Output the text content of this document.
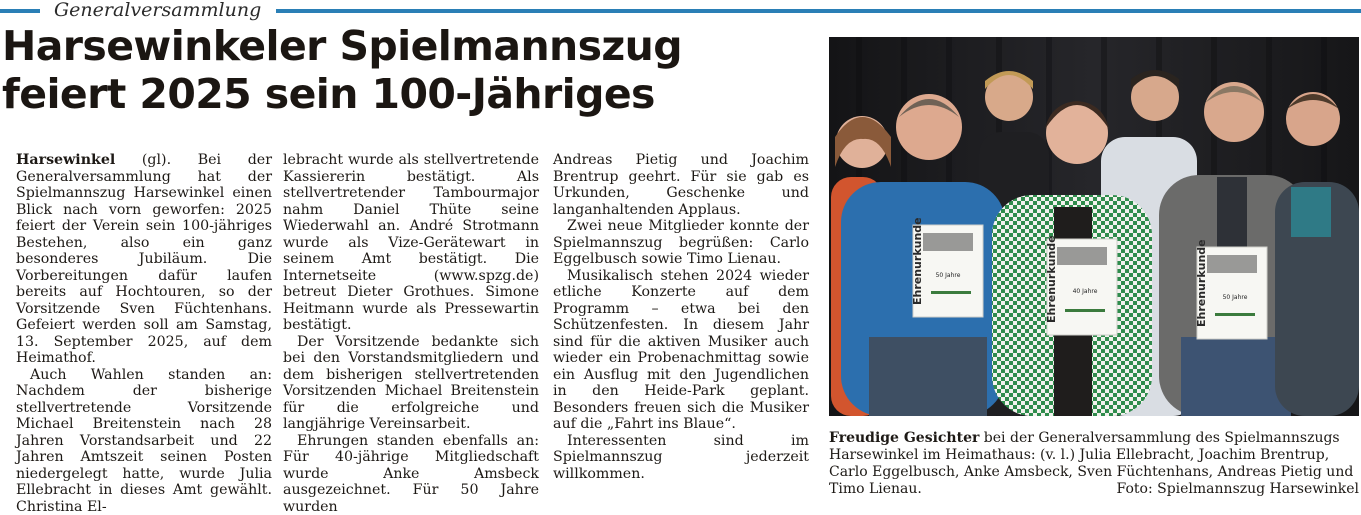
Generalversammlung
Harsewinkeler Spielmannszug
feiert 2025 sein 100-Jähriges

Harsewinkel (gl). Bei der Generalversammlung hat der Spielmannszug Harsewinkel einen Blick nach vorn geworfen: 2025 feiert der Verein sein 100-jähriges Bestehen, also ein ganz besonderes Jubiläum. Die Vorbereitungen dafür laufen bereits auf Hochtouren, so der Vorsitzende Sven Füchtenhans. Gefeiert werden soll am Samstag, 13. September 2025, auf dem Heimathof.

Auch Wahlen standen an: Nachdem der bisherige stellvertretende Vorsitzende Michael Breitenstein nach 28 Jahren Vorstandsarbeit und 22 Jahren Amtszeit seinen Posten niedergelegt hatte, wurde Julia Ellebracht in dieses Amt gewählt. Christina El-

lebracht wurde als stellvertretende Kassiererin bestätigt. Als stellvertretender Tambourmajor nahm Daniel Thüte seine Wiederwahl an. André Strotmann wurde als Vize-Gerätewart in seinem Amt bestätigt. Die Internetseite (www.spzg.de) betreut Dieter Grothues. Simone Heitmann wurde als Pressewartin bestätigt.

Der Vorsitzende bedankte sich bei den Vorstandsmitgliedern und dem bisherigen stellvertretenden Vorsitzenden Michael Breitenstein für die erfolgreiche und langjährige Vereinsarbeit.

Ehrungen standen ebenfalls an: Für 40-jährige Mitgliedschaft wurde Anke Amsbeck ausgezeichnet. Für 50 Jahre wurden

Andreas Pietig und Joachim Brentrup geehrt. Für sie gab es Urkunden, Geschenke und langanhaltenden Applaus.

Zwei neue Mitglieder konnte der Spielmannszug begrüßen: Carlo Eggelbusch sowie Timo Lienau.

Musikalisch stehen 2024 wieder etliche Konzerte auf dem Programm – etwa bei den Schützenfesten. In diesem Jahr sind für die aktiven Musiker auch wieder ein Probenachmittag sowie ein Ausflug mit den Jugendlichen in den Heide-Park geplant. Besonders freuen sich die Musiker auf die „Fahrt ins Blaue“.

Interessenten sind im Spielmannszug jederzeit willkommen.

Ehrenurkunde 50 Jahre	Ehrenurkunde 40 Jahre	Ehrenurkunde 50 Jahre

Freudige Gesichter bei der Generalversammlung des Spielmannszugs Harsewinkel im Heimathaus: (v. l.) Julia Ellebracht, Joachim Brentrup, Carlo Eggelbusch, Anke Amsbeck, Sven Füchtenhans, Andreas Pietig und Timo Lienau.	Foto: Spielmannszug Harsewinkel
